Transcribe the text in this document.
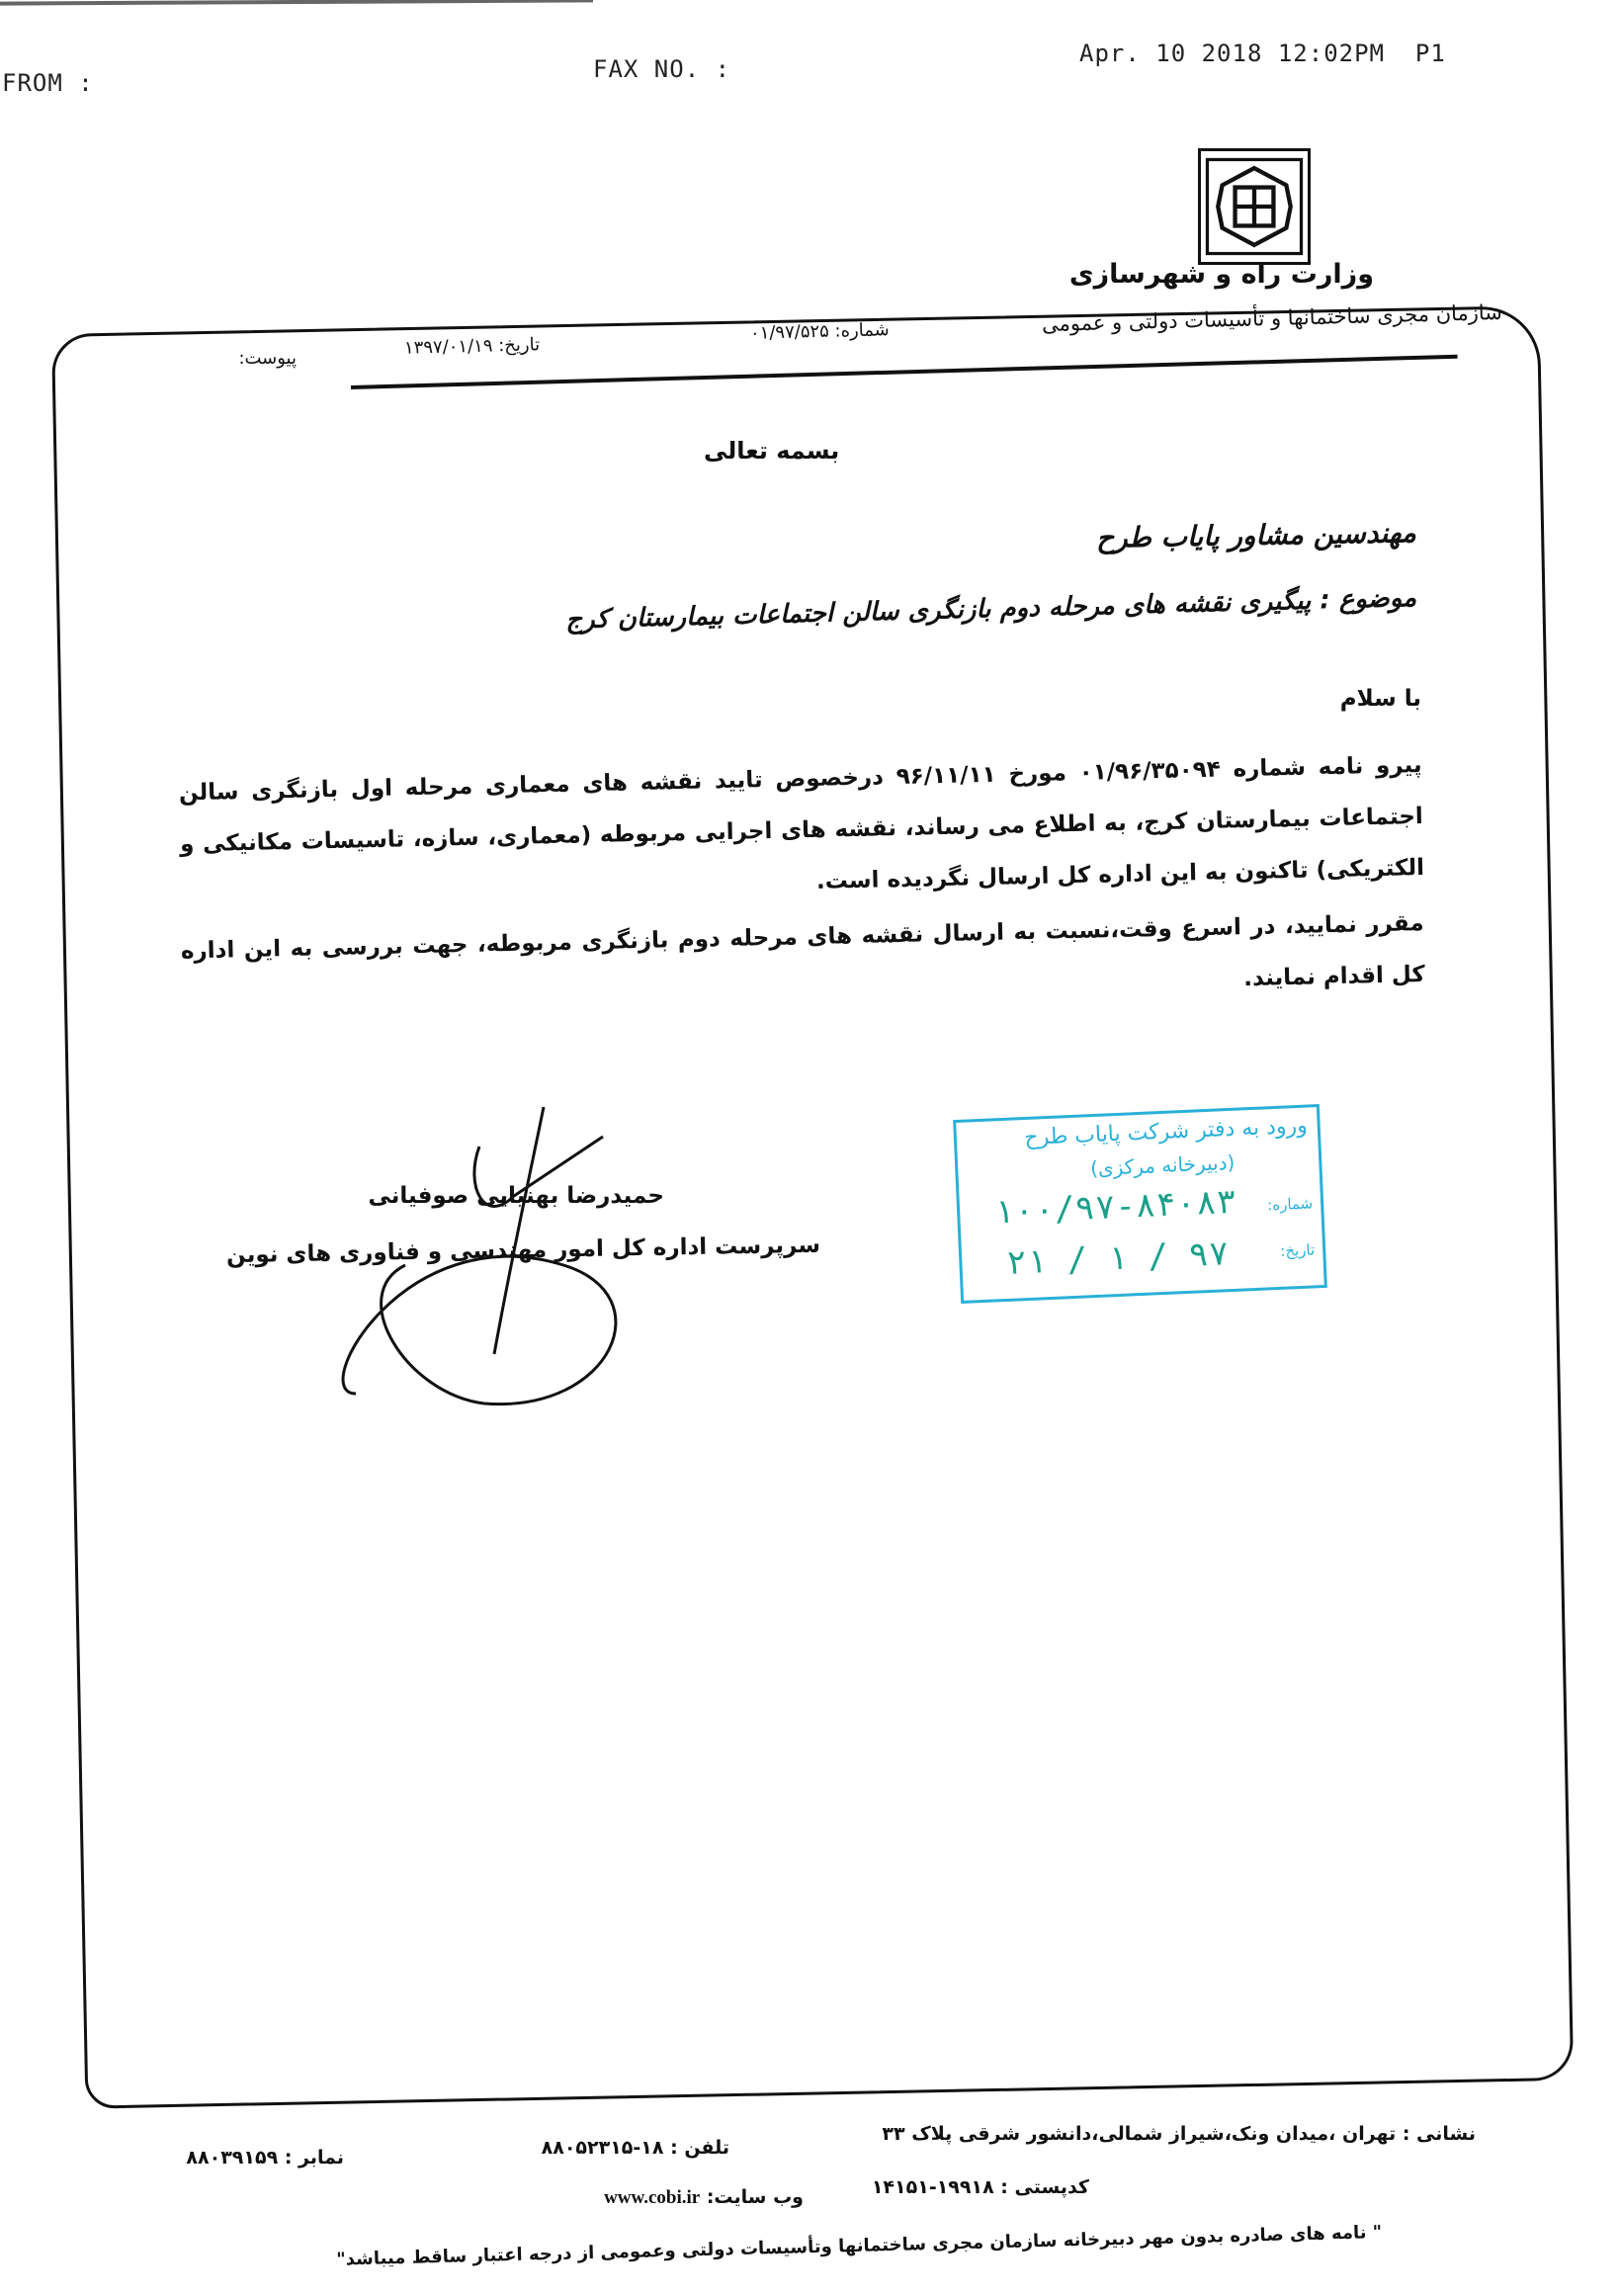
FROM :	FAX NO. :
Apr. 10 2018 12:02PM P1
وزارت راه و شهرسازی
سازمان مجری ساختمانها و تأسیسات دولتی و عمومی
شماره: ۰۱/۹۷/۵۲۵
تاریخ: ۱۳۹۷/۰۱/۱۹
پیوست:
بسمه تعالی
مهندسین مشاور پایاب طرح
موضوع : پیگیری نقشه های مرحله دوم بازنگری سالن اجتماعات بیمارستان کرج
با سلام
پیرو نامه شماره ۰۱/۹۶/۳۵۰۹۴ مورخ ۹۶/۱۱/۱۱ درخصوص تایید نقشه های معماری مرحله اول بازنگری سالن اجتماعات بیمارستان کرج، به اطلاع می رساند، نقشه های اجرایی مربوطه (معماری، سازه، تاسیسات مکانیکی و الکتریکی) تاکنون به این اداره کل ارسال نگردیده است.
مقرر نمایید، در اسرع وقت،نسبت به ارسال نقشه های مرحله دوم بازنگری مربوطه، جهت بررسی به این اداره کل اقدام نمایند.
حمیدرضا بهنیایی صوفیانی
سرپرست اداره کل امور مهندسی و فناوری های نوین
ورود به دفتر شرکت پایاب طرح
(دبیرخانه مرکزی)
شماره:
۱۰۰/۹۷-۸۴۰۸۳
تاریخ:
۹۷ / ۱ / ۲۱
نشانی : تهران ،میدان ونک،شیراز شمالی،دانشور شرقی پلاک ۳۳
تلفن : ۱۸-۸۸۰۵۲۳۱۵
نمابر : ۸۸۰۳۹۱۵۹
کدپستی : ۱۹۹۱۸-۱۴۱۵۱
وب سایت: www.cobi.ir
" نامه های صادره بدون مهر دبیرخانه سازمان مجری ساختمانها وتأسیسات دولتی وعمومی از درجه اعتبار ساقط میباشد"
